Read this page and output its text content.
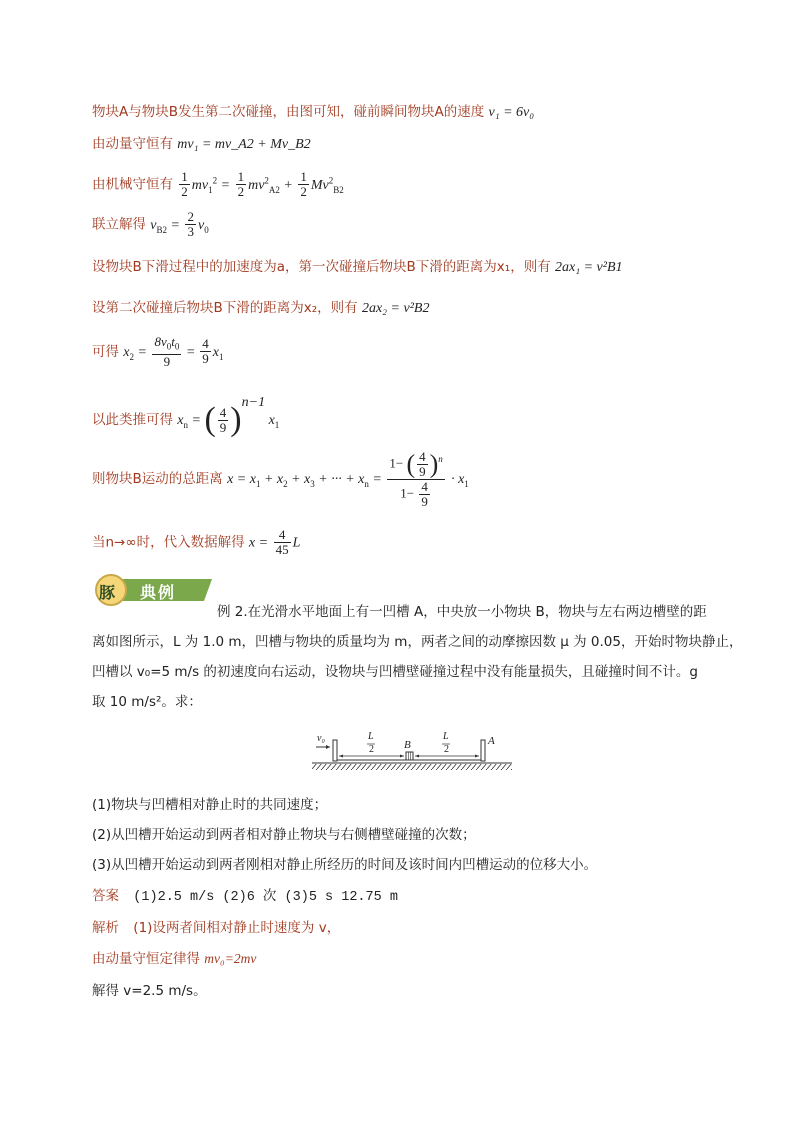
物块A与物块B发生第二次碰撞，由图可知，碰前瞬间物块A的速度 v₁ = 6v₀
由动量守恒有 mv₁ = mv_A2 + Mv_B2
由机械守恒有 $\frac{1}{2} mv_1^2 = \frac{1}{2} mv^2_{A2} + \frac{1}{2} Mv^2_{B2}$
联立解得 $v_{B2} = \frac{2}{3} v_0$
设物块B下滑过程中的加速度为a，第一次碰撞后物块B下滑的距离为x₁，则有 2ax₁ = v²B1
设第二次碰撞后物块B下滑的距离为x₂，则有 2ax₂ = v²B2
可得 $x_2 = \frac{8v_0t_0}{9} = \frac{4}{9} x_1$
以此类推可得 $x_n$ = ( $\frac{4}{9} )^{n-1}$ $x_1$
则物块B运动的总距离 $x = x_1 + x_2 + x_3$ + ··· + $x_n = \frac{1- ( \frac{4}{9} )^n}{1- \frac{4}{9}} \cdot x_1$
当n→∞时，代入数据解得 $x = \frac{4}{45}$ L
豚 典例
例 2.在光滑水平地面上有一凹槽 A，中央放一小物块 B，物块与左右两边槽壁的距
离如图所示，L 为 1.0 m，凹槽与物块的质量均为 m，两者之间的动摩擦因数 μ 为 0.05，开始时物块静止，
凹槽以 v₀=5 m/s 的初速度向右运动，设物块与凹槽壁碰撞过程中没有能量损失，且碰撞时间不计。g
取 10 m/s²。求：
v₀	L
2	B
L
2
A
(1)物块与凹槽相对静止时的共同速度；
(2)从凹槽开始运动到两者相对静止物块与右侧槽壁碰撞的次数；
(3)从凹槽开始运动到两者刚相对静止所经历的时间及该时间内凹槽运动的位移大小。
答案 (1)2.5 m/s (2)6 次 (3)5 s 12.75 m
解析 (1)设两者间相对静止时速度为 v，
由动量守恒定律得 mv₀=2mv
解得 v=2.5 m/s。
